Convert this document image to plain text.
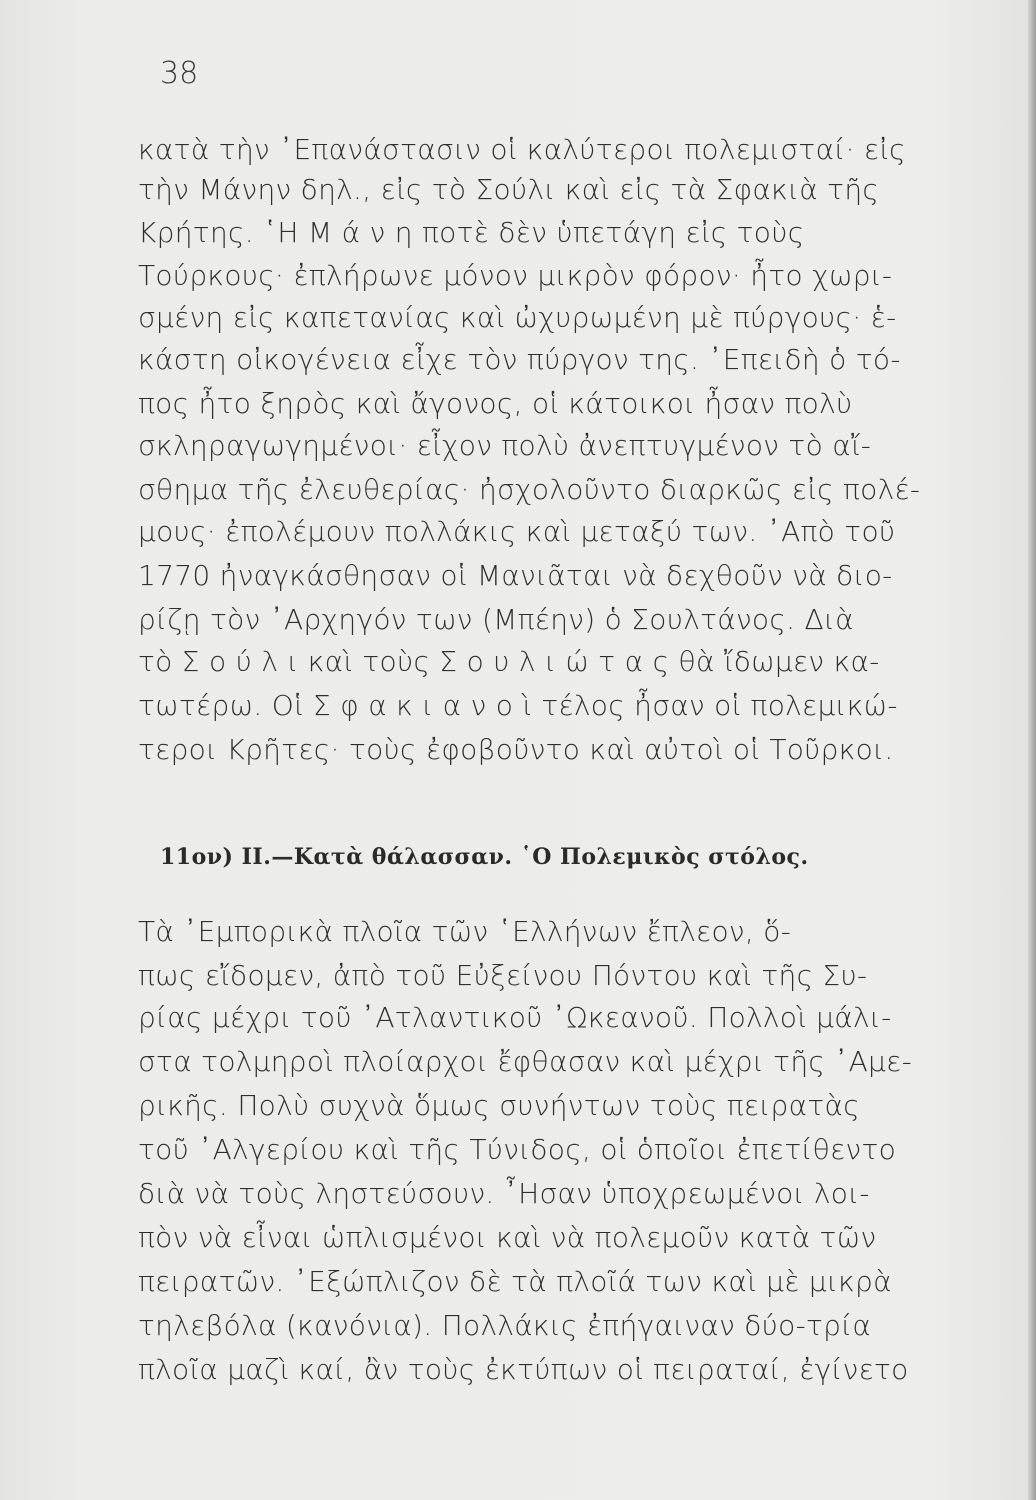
38
κατὰ τὴν ᾿Επανάστασιν οἱ καλύτεροι πολεμισταί· εἰς
τὴν Μάνην δηλ., εἰς τὸ Σούλι καὶ εἰς τὰ Σφακιὰ τῆς
Κρήτης. ῾Η Μ ά ν η ποτὲ δὲν ὑπετάγη εἰς τοὺς
Τούρκους· ἐπλήρωνε μόνον μικρὸν φόρον· ἦτο χωρι-
σμένη εἰς καπετανίας καὶ ὠχυρωμένη μὲ πύργους· ἑ-
κάστη οἰκογένεια εἶχε τὸν πύργον της. ᾿Επειδὴ ὁ τό-
πος ἦτο ξηρὸς καὶ ἄγονος, οἱ κάτοικοι ἦσαν πολὺ
σκληραγωγημένοι· εἶχον πολὺ ἀνεπτυγμένον τὸ αἴ-
σθημα τῆς ἐλευθερίας· ἠσχολοῦντο διαρκῶς εἰς πολέ-
μους· ἐπολέμουν πολλάκις καὶ μεταξύ των. ᾿Απὸ τοῦ
1770 ἠναγκάσθησαν οἱ Μανιᾶται νὰ δεχθοῦν νὰ διο-
ρίζῃ τὸν ᾿Αρχηγόν των (Μπέην) ὁ Σουλτάνος. Διὰ
τὸ Σ ο ύ λ ι καὶ τοὺς Σ ο υ λ ι ώ τ α ς θὰ ἴδωμεν κα-
τωτέρω. Οἱ Σ φ α κ ι α ν ο ὶ τέλος ἦσαν οἱ πολεμικώ-
τεροι Κρῆτες· τοὺς ἐφοβοῦντο καὶ αὐτοὶ οἱ Τοῦρκοι.
11ον) ΙΙ.—Κατὰ θάλασσαν. ῾Ο Πολεμικὸς στόλος.
Τὰ ᾿Εμπορικὰ πλοῖα τῶν ῾Ελλήνων ἔπλεον, ὅ-
πως εἴδομεν, ἀπὸ τοῦ Εὐξείνου Πόντου καὶ τῆς Συ-
ρίας μέχρι τοῦ ᾿Ατλαντικοῦ ᾿Ωκεανοῦ. Πολλοὶ μάλι-
στα τολμηροὶ πλοίαρχοι ἔφθασαν καὶ μέχρι τῆς ᾿Αμε-
ρικῆς. Πολὺ συχνὰ ὅμως συνήντων τοὺς πειρατὰς
τοῦ ᾿Αλγερίου καὶ τῆς Τύνιδος, οἱ ὁποῖοι ἐπετίθεντο
διὰ νὰ τοὺς ληστεύσουν. ῏Ησαν ὑποχρεωμένοι λοι-
πὸν νὰ εἶναι ὡπλισμένοι καὶ νὰ πολεμοῦν κατὰ τῶν
πειρατῶν. ᾿Εξώπλιζον δὲ τὰ πλοῖά των καὶ μὲ μικρὰ
τηλεβόλα (κανόνια). Πολλάκις ἐπήγαιναν δύο-τρία
πλοῖα μαζὶ καί, ἂν τοὺς ἐκτύπων οἱ πειραταί, ἐγίνετο
